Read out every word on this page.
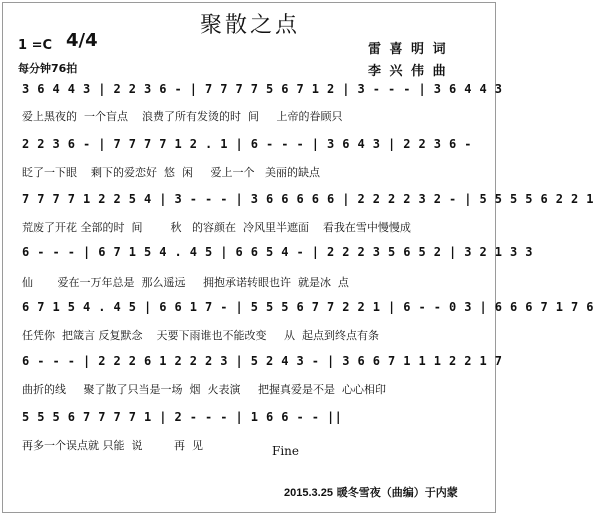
聚散之点
1 =C 4/4
每分钟76拍
雷 喜 明 词
李 兴 伟 曲
3 6 4 4 3 | 2 2 3 6 - | 7 7 7 7 5 6 7 1 2 | 3 - - - | 3 6 4 4 3
爱上黑夜的  一个盲点    浪费了所有发烫的时  间     上帝的眷顾只
2 2 3 6 - | 7 7 7 7 1 2 . 1 | 6 - - - | 3 6 4 3 | 2 2 3 6 -
眨了一下眼    剩下的爱恋好  悠  闲     爱上一个   美丽的缺点
7 7 7 7 1 2 2 5 4 | 3 - - - | 3 6 6 6 6 6 | 2 2 2 2 3 2 - | 5 5 5 5 6 2 2 1
荒废了开花 全部的时  间        秋   的容颜在  冷风里半遮面    看我在雪中慢慢成
6 - - - | 6 7 1 5 4 . 4 5 | 6 6 5 4 - | 2 2 2 3 5 6 5 2 | 3 2 1 3 3
仙       爱在一万年总是  那么遥远     拥抱承诺转眼也许  就是冰  点
6 7 1 5 4 . 4 5 | 6 6 1 7 - | 5 5 5 6 7 7 2 2 1 | 6 - - 0 3 | 6 6 6 7 1 7 6
任凭你  把箴言 反复默念    天要下雨谁也不能改变     从  起点到终点有条
6 - - - | 2 2 2 6 1 2 2 2 3 | 5 2 4 3 - | 3 6 6 7 1 1 1 2 2 1 7
曲折的线     聚了散了只当是一场  烟  火表演     把握真爱是不是  心心相印
5 5 5 6 7 7 7 7 1 | 2 - - - | 1 6 6 - - ||
再多一个误点就 只能  说         再  见	Fine
2015.3.25 暖冬雪夜（曲编）于内蒙
